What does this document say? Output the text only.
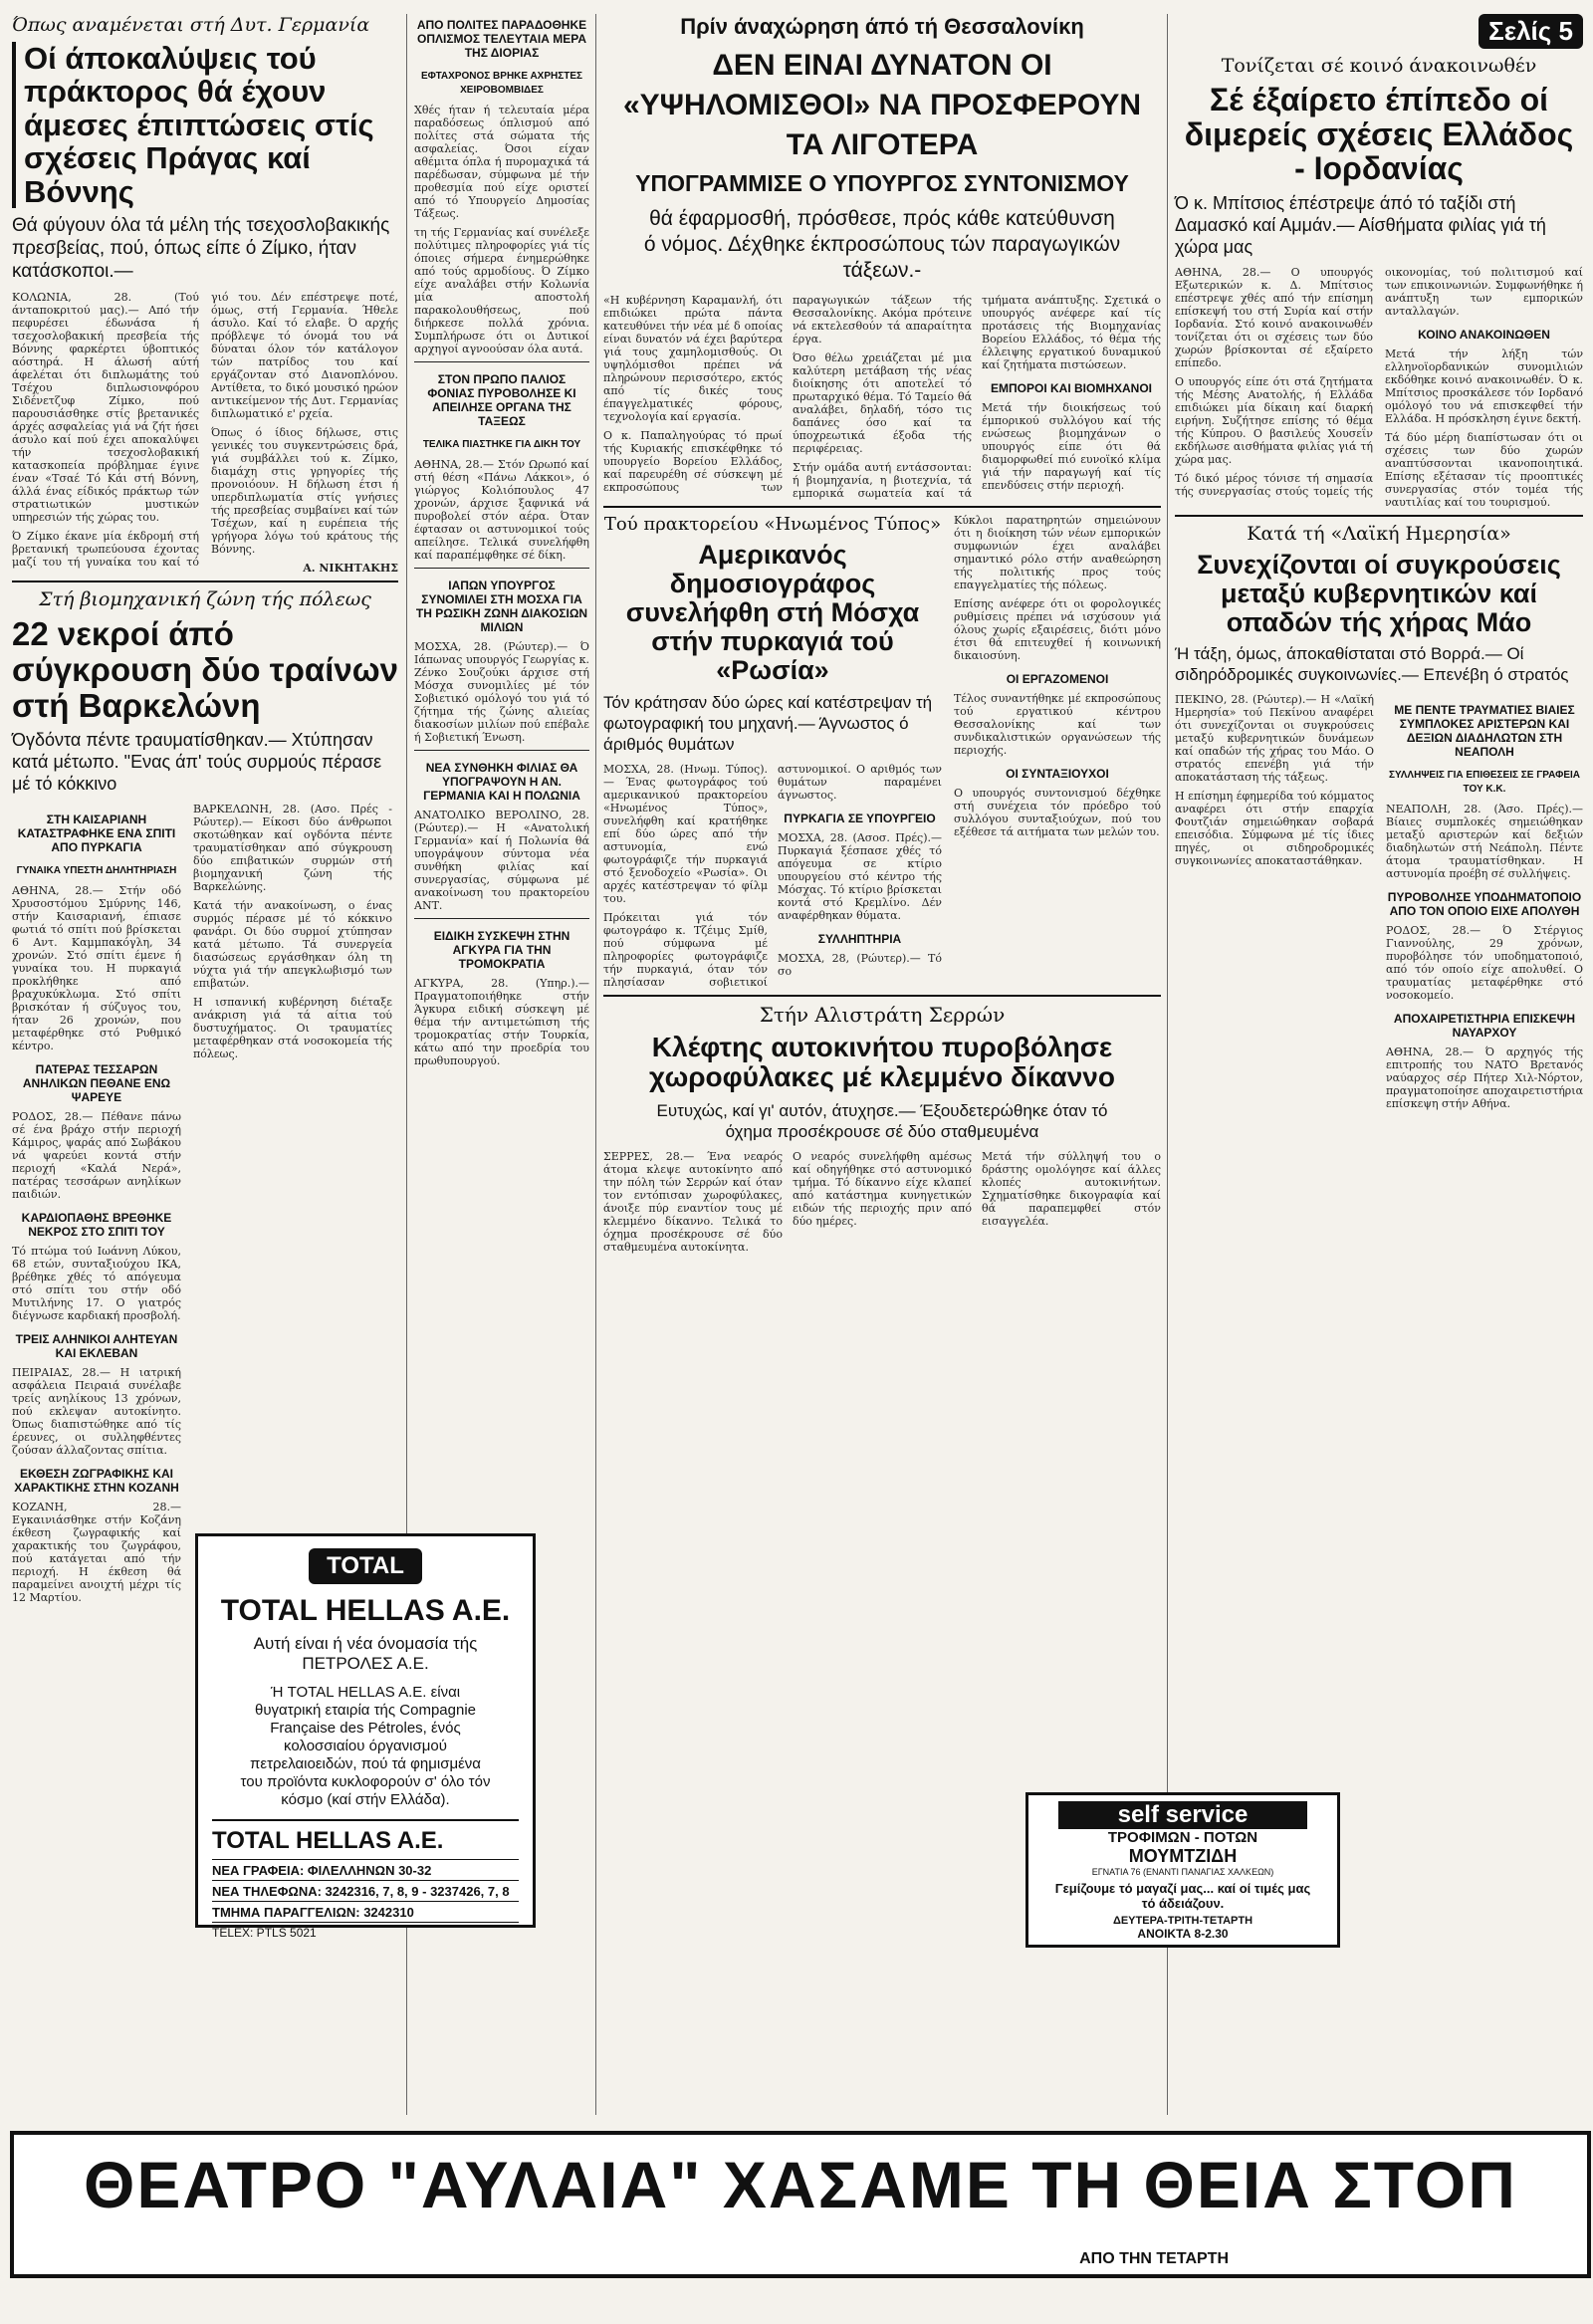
Όπως αναμένεται στή Δυτ. Γερμανία

Οί άποκαλύψεις τού πράκτορος θά έχουν άμεσες έπιπτώσεις στίς σχέσεις Πράγας καί Βόννης

Θά φύγουν όλα τά μέλη τής τσεχοσλοβακικής πρεσβείας, πού, όπως είπε ό Ζίμκο, ήταν κατάσκοποι.—

ΚΟΛΩΝΙΑ, 28. (Τού άνταποκριτού μας).— Από τήν πεφυρέσει έδωνάσα ή τσεχοσλοβακική πρεσβεία τής Βόννης φαρκέρτει ύβοπτικός αόστηρά. Η άλωσή αύτή άφελέται ότι διπλωμάτης τού Τσέχου διπλωσιονφόρου Σιδένετζυφ Ζίμκο, πού παρουσιάσθηκε στίς βρετανικές άρχές ασφαλείας γιά νά ζήτ ήσει άσυλο καί πού έχει αποκαλύψει τήν τσεχοσλοβακική κατασκοπεία πρόβλημαε έγινε έναν «Τσαέ Τό Κάι στή Βόννη, άλλά ένας είδικός πράκτωρ τών στρατιωτικών μυστικών υπηρεσιών τής χώρας του.

Ό Ζίμκο έκανε μία έκδρομή στή βρετανική τρωπεύουσα έχοντας μαζί του τή γυναίκα του καί τό γιό του. Δέν επέστρεψε ποτέ, όμως, στή Γερμανία. Ήθελε άσυλο. Καί τό ελαβε. Ό αρχής πρόβλεψε τό όνομά του νά δύναται όλον τόν κατάλογον τών πατρίδος του καί εργάζονταν στό Διανοπλόνου. Αντίθετα, το δικό μουσικό ηρώον αντικείμενον τής Δυτ. Γερμανίας διπλωματικό ε' ρχεία.

Όπως ό ίδιος δήλωσε, στις γενικές του συγκεντρώσεις δρά, γιά συμβάλλει τού κ. Ζίμκο, διαμάχη στις γρηγορίες τής προνοιόουν. Η δήλωση έτσι ή υπερδιπλωματία στίς γνήσιες τής πρεσβείας συμβαίνει καί τών Τσέχων, καί η ευρέπεια τής γρήγορα λόγω τού κράτους τής Βόννης.

Α. ΝΙΚΗΤΑΚΗΣ

Στή βιομηχανική ζώνη τής πόλεως

22 νεκροί άπό σύγκρουση δύο τραίνων στή Βαρκελώνη

Όγδόντα πέντε τραυματίσθηκαν.— Χτύπησαν κατά μέτωπο. "Ενας άπ' τούς συρμούς πέρασε μέ τό κόκκινο

ΣΤΗ ΚΑΙΣΑΡΙΑΝΗ ΚΑΤΑΣΤΡΑΦΗΚΕ ΕΝΑ ΣΠΙΤΙ ΑΠΟ ΠΥΡΚΑΓΙΑ
ΓΥΝΑΙΚΑ ΥΠΕΣΤΗ ΔΗΛΗΤΗΡΙΑΣΗ

ΑΘΗΝΑ, 28.— Στήν οδό Χρυσοστόμου Σμύρνης 146, στήν Καισαριανή, έπιασε φωτιά τό σπίτι πού βρίσκεται 6 Αντ. Καμμπακόγλη, 34 χρονών. Στό σπίτι έμενε ή γυναίκα του. Η πυρκαγιά προκλήθηκε από βραχυκύκλωμα. Στό σπίτι βρισκόταν ή σύζυγος του, ήταν 26 χρονών, που μεταφέρθηκε στό Ρυθμικό κέντρο.

ΠΑΤΕΡΑΣ ΤΕΣΣΑΡΩΝ ΑΝΗΛΙΚΩΝ ΠΕΘΑΝΕ ΕΝΩ ΨΑΡΕΥΕ

ΡΟΔΟΣ, 28.— Πέθανε πάνω σέ ένα βράχο στήν περιοχή Κάμιρος, ψαράς από Σωβάκου νά ψαρεύει κοντά στήν περιοχή «Καλά Νερά», πατέρας τεσσάρων ανηλίκων παιδιών.

ΚΑΡΔΙΟΠΑΘΗΣ ΒΡΕΘΗΚΕ ΝΕΚΡΟΣ ΣΤΟ ΣΠΙΤΙ ΤΟΥ

Τό πτώμα τού Ιωάννη Λύκου, 68 ετών, συνταξιούχου ΙΚΑ, βρέθηκε χθές τό απόγευμα στό σπίτι του στήν οδό Μυτιλήνης 17. Ο γιατρός διέγνωσε καρδιακή προσβολή.

ΤΡΕΙΣ ΑΛΗΝΙΚΟΙ ΑΛΗΤΕΥΑΝ ΚΑΙ ΕΚΛΕΒΑΝ

ΠΕΙΡΑΙΑΣ, 28.— Η ιατρική ασφάλεια Πειραιά συνέλαβε τρείς ανηλίκους 13 χρόνων, πού εκλεψαν αυτοκίνητο. Όπως διαπιστώθηκε από τίς έρευνες, οι συλληφθέντες ζούσαν άλλαζοντας σπίτια.

ΕΚΘΕΣΗ ΖΩΓΡΑΦΙΚΗΣ ΚΑΙ ΧΑΡΑΚΤΙΚΗΣ ΣΤΗΝ ΚΟΖΑΝΗ

ΚΟΖΑΝΗ, 28.— Εγκαινιάσθηκε στήν Κοζάνη έκθεση ζωγραφικής καί χαρακτικής του ζωγράφου, πού κατάγεται από τήν περιοχή. Η έκθεση θά παραμείνει ανοιχτή μέχρι τίς 12 Μαρτίου.

ΒΑΡΚΕΛΩΝΗ, 28. (Ασο. Πρές - Ρώυτερ).— Είκοσι δύο άνθρωποι σκοτώθηκαν καί ογδόντα πέντε τραυματίσθηκαν από σύγκρουση δύο επιβατικών συρμών στή βιομηχανική ζώνη τής Βαρκελώνης.

Κατά τήν ανακοίνωση, ο ένας συρμός πέρασε μέ τό κόκκινο φανάρι. Οι δύο συρμοί χτύπησαν κατά μέτωπο. Τά συνεργεία διασώσεως εργάσθηκαν όλη τη νύχτα γιά τήν απεγκλωβισμό των επιβατών.

Η ισπανική κυβέρνηση διέταξε ανάκριση γιά τά αίτια τού δυστυχήματος. Οι τραυματίες μεταφέρθηκαν στά νοσοκομεία τής πόλεως.

ΑΠΟ ΠΟΛΙΤΕΣ ΠΑΡΑΔΟΘΗΚΕ ΟΠΛΙΣΜΟΣ ΤΕΛΕΥΤΑΙΑ ΜΕΡΑ ΤΗΣ ΔΙΟΡΙΑΣ
ΕΦΤΑΧΡΟΝΟΣ ΒΡΗΚΕ ΑΧΡΗΣΤΕΣ ΧΕΙΡΟΒΟΜΒΙΔΕΣ

Χθές ήταν ή τελευταία μέρα παραδόσεως όπλισμού από πολίτες στά σώματα τής ασφαλείας. Όσοι είχαν αθέμιτα όπλα ή πυρομαχικά τά παρέδωσαν, σύμφωνα μέ τήν προθεσμία πού είχε οριστεί από τό Υπουργείο Δημοσίας Τάξεως.

τη τής Γερμανίας καί συνέλεξε πολύτιμες πληροφορίες γιά τίς όποιες σήμερα ένημερώθηκε από τούς αρμοδίους. Ό Ζίμκο είχε αναλάβει στήν Κολωνία μία αποστολή παρακολουθήσεως, πού διήρκεσε πολλά χρόνια. Συμπλήρωσε ότι οι Δυτικοί αρχηγοί αγνοούσαν όλα αυτά.

ΣΤΟΝ ΠΡΩΠΟ ΠΑΛΙΟΣ ΦΟΝΙΑΣ ΠΥΡΟΒΟΛΗΣΕ ΚΙ ΑΠΕΙΛΗΣΕ ΟΡΓΑΝΑ ΤΗΣ ΤΑΞΕΩΣ
ΤΕΛΙΚΑ ΠΙΑΣΤΗΚΕ ΓΙΑ ΔΙΚΗ ΤΟΥ

ΑΘΗΝΑ, 28.— Στόν Ωρωπό καί στή θέση «Πάνω Λάκκοι», ό γιώργος Κολιόπουλος 47 χρονών, άρχισε ξαφνικά νά πυροβολεί στόν αέρα. Όταν έφτασαν οι αστυνομικοί τούς απείλησε. Τελικά συνελήφθη καί παραπέμφθηκε σέ δίκη.

ΙΑΠΩΝ ΥΠΟΥΡΓΟΣ ΣΥΝΟΜΙΛΕΙ ΣΤΗ ΜΟΣΧΑ ΓΙΑ ΤΗ ΡΩΣΙΚΗ ΖΩΝΗ ΔΙΑΚΟΣΙΩΝ ΜΙΛΙΩΝ

ΜΟΣΧΑ, 28. (Ρώυτερ).— Ό Ιάπωνας υπουργός Γεωργίας κ. Ζένκο Σουζούκι άρχισε στή Μόσχα συνομιλίες μέ τόν Σοβιετικό ομόλογό του γιά τό ζήτημα τής ζώνης αλιείας διακοσίων μιλίων πού επέβαλε ή Σοβιετική Ένωση.

ΝΕΑ ΣΥΝΘΗΚΗ ΦΙΛΙΑΣ ΘΑ ΥΠΟΓΡΑΨΟΥΝ Η ΑΝ. ΓΕΡΜΑΝΙΑ ΚΑΙ Η ΠΟΛΩΝΙΑ

ΑΝΑΤΟΛΙΚΟ ΒΕΡΟΛΙΝΟ, 28. (Ρώυτερ).— Η «Ανατολική Γερμανία» καί ή Πολωνία θά υπογράψουν σύντομα νέα συνθήκη φιλίας καί συνεργασίας, σύμφωνα μέ ανακοίνωση του πρακτορείου ΑΝΤ.

ΕΙΔΙΚΗ ΣΥΣΚΕΨΗ ΣΤΗΝ ΑΓΚΥΡΑ ΓΙΑ ΤΗΝ ΤΡΟΜΟΚΡΑΤΙΑ

ΑΓΚΥΡΑ, 28. (Υπηρ.).— Πραγματοποιήθηκε στήν Άγκυρα ειδική σύσκεψη μέ θέμα τήν αντιμετώπιση τής τρομοκρατίας στήν Τουρκία, κάτω από την προεδρία του πρωθυπουργού.

TOTAL
TOTAL HELLAS A.E.
Αυτή είναι ή νέα όνομασία τής ΠΕΤΡΟΛΕΣ Α.Ε.
Ή TOTAL HELLAS A.E. είναι θυγατρική εταιρία τής Compagnie Française des Pétroles, ένός κολοσσιαίου όργανισμού πετρελαιοειδών, πού τά φημισμένα του προϊόντα κυκλοφορούν σ' όλο τόν κόσμο (καί στήν Ελλάδα).
TOTAL HELLAS A.E.
ΝΕΑ ΓΡΑΦΕΙΑ: ΦΙΛΕΛΛΗΝΩΝ 30-32
ΝΕΑ ΤΗΛΕΦΩΝΑ: 3242316, 7, 8, 9 - 3237426, 7, 8
ΤΜΗΜΑ ΠΑΡΑΓΓΕΛΙΩΝ: 3242310
TELEX: PTLS 5021

Πρίν άναχώρηση άπό τή Θεσσαλονίκη

ΔΕΝ ΕΙΝΑΙ ΔΥΝΑΤΟΝ ΟΙ «ΥΨΗΛΟΜΙΣΘΟΙ» ΝΑ ΠΡΟΣΦΕΡΟΥΝ ΤΑ ΛΙΓΟΤΕΡΑ
ΥΠΟΓΡΑΜΜΙΣΕ Ο ΥΠΟΥΡΓΟΣ ΣΥΝΤΟΝΙΣΜΟΥ

θά έφαρμοσθή, πρόσθεσε, πρός κάθε κατεύθυνση ό νόμος. Δέχθηκε έκπροσώπους τών παραγωγικών τάξεων.-

«Η κυβέρνηση Καραμανλή, ότι επιδιώκει πρώτα πάντα κατευθύνει τήν νέα μέ δ οποίας είναι δυνατόν νά έχει βαρύτερα γιά τους χαμηλομισθούς. Οι υψηλόμισθοι πρέπει νά πληρώνουν περισσότερο, εκτός από τίς δικές τους έπαγγελματικές φόρους, τεχνολογία καί εργασία.

Ο κ. Παπαληγούρας τό πρωί τής Κυριακής επισκέφθηκε τό υπουργείο Βορείου Ελλάδος, καί παρευρέθη σέ σύσκεψη μέ εκπροσώπους των παραγωγικών τάξεων τής Θεσσαλονίκης. Ακόμα πρότεινε νά εκτελεσθούν τά απαραίτητα έργα.

Όσο θέλω χρειάζεται μέ μια καλύτερη μετάβαση τής νέας διοίκησης ότι αποτελεί τό πρωταρχικό θέμα. Τό Ταμείο θά αναλάβει, δηλαδή, τόσο τις δαπάνες όσο καί τα ύποχρεωτικά έξοδα τής περιφέρειας.

Στήν ομάδα αυτή εντάσσονται: ή βιομηχανία, η βιοτεχνία, τά εμπορικά σωματεία καί τά τμήματα ανάπτυξης. Σχετικά ο υπουργός ανέφερε καί τίς προτάσεις τής Βιομηχανίας Βορείου Ελλάδος, τό θέμα τής έλλειψης εργατικού δυναμικού καί ζητήματα πιστώσεων.

ΕΜΠΟΡΟΙ ΚΑΙ ΒΙΟΜΗΧΑΝΟΙ

Μετά τήν διοικήσεως τού έμπορικού συλλόγου καί τής ενώσεως βιομηχάνων ο υπουργός είπε ότι θά διαμορφωθεί πιό ευνοϊκό κλίμα γιά τήν παραγωγή καί τίς επενδύσεις στήν περιοχή.

Τού πρακτορείου «Ηνωμένος Τύπος»

Αμερικανός δημοσιογράφος συνελήφθη στή Μόσχα στήν πυρκαγιά τού «Ρωσία»

Τόν κράτησαν δύο ώρες καί κατέστρεψαν τή φωτογραφική του μηχανή.— Άγνωστος ό άριθμός θυμάτων

ΜΟΣΧΑ, 28. (Ηνωμ. Τύπος).— Ένας φωτογράφος τού αμερικανικού πρακτορείου «Ηνωμένος Τύπος», συνελήφθη καί κρατήθηκε επί δύο ώρες από τήν αστυνομία, ενώ φωτογράφιζε τήν πυρκαγιά στό ξενοδοχείο «Ρωσία». Οι αρχές κατέστρεψαν τό φίλμ του.

Πρόκειται γιά τόν φωτογράφο κ. Τζέιμς Σμίθ, πού σύμφωνα μέ πληροφορίες φωτογράφιζε τήν πυρκαγιά, όταν τόν πλησίασαν σοβιετικοί αστυνομικοί. Ο αριθμός των θυμάτων παραμένει άγνωστος.

ΠΥΡΚΑΓΙΑ ΣΕ ΥΠΟΥΡΓΕΙΟ

ΜΟΣΧΑ, 28. (Ασοσ. Πρές).— Πυρκαγιά ξέσπασε χθές τό απόγευμα σε κτίριο υπουργείου στό κέντρο τής Μόσχας. Τό κτίριο βρίσκεται κοντά στό Κρεμλίνο. Δέν αναφέρθηκαν θύματα.

ΣΥΛΛΗΠΤΗΡΙΑ

ΜΟΣΧΑ, 28, (Ρώυτερ).— Τό σο

Κύκλοι παρατηρητών σημειώνουν ότι η διοίκηση τών νέων εμπορικών συμφωνιών έχει αναλάβει σημαντικό ρόλο στήν αναθεώρηση τής πολιτικής προς τούς επαγγελματίες τής πόλεως.

Επίσης ανέφερε ότι οι φορολογικές ρυθμίσεις πρέπει νά ισχύσουν γιά όλους χωρίς εξαιρέσεις, διότι μόνο έτσι θά επιτευχθεί ή κοινωνική δικαιοσύνη.

ΟΙ ΕΡΓΑΖΟΜΕΝΟΙ

Τέλος συναντήθηκε μέ εκπροσώπους τού εργατικού κέντρου Θεσσαλονίκης καί των συνδικαλιστικών οργανώσεων τής περιοχής.

ΟΙ ΣΥΝΤΑΞΙΟΥΧΟΙ

Ο υπουργός συντονισμού δέχθηκε στή συνέχεια τόν πρόεδρο τού συλλόγου συνταξιούχων, πού του εξέθεσε τά αιτήματα των μελών του.

Στήν Αλιστράτη Σερρών

Κλέφτης αυτοκινήτου πυροβόλησε χωροφύλακες μέ κλεμμένο δίκαννο

Ευτυχώς, καί γι' αυτόν, άτυχησε.— Έξουδετερώθηκε όταν τό όχημα προσέκρουσε σέ δύο σταθμευμένα

ΣΕΡΡΕΣ, 28.— Ένα νεαρός άτομα κλεψε αυτοκίνητο από την πόλη τών Σερρών καί όταν τον εντόπισαν χωροφύλακες, άνοιξε πύρ εναντίον τους μέ κλεμμένο δίκαννο. Τελικά το όχημα προσέκρουσε σέ δύο σταθμευμένα αυτοκίνητα.

Ο νεαρός συνελήφθη αμέσως καί οδηγήθηκε στό αστυνομικό τμήμα. Τό δίκαννο είχε κλαπεί από κατάστημα κυνηγετικών ειδών τής περιοχής πριν από δύο ημέρες.

Μετά τήν σύλληψή του ο δράστης ομολόγησε καί άλλες κλοπές αυτοκινήτων. Σχηματίσθηκε δικογραφία καί θά παραπεμφθεί στόν εισαγγελέα.

Σελίς 5

Τονίζεται σέ κοινό άνακοινωθέν

Σέ έξαίρετο έπίπεδο οί διμερείς σχέσεις Ελλάδος - Ιορδανίας

Ό κ. Μπίτσιος έπέστρεψε άπό τό ταξίδι στή Δαμασκό καί Αμμάν.— Αίσθήματα φιλίας γιά τή χώρα μας

ΑΘΗΝΑ, 28.— Ο υπουργός Εξωτερικών κ. Δ. Μπίτσιος επέστρεψε χθές από τήν επίσημη επίσκεψή του στή Συρία καί στήν Ιορδανία. Στό κοινό ανακοινωθέν τονίζεται ότι οι σχέσεις των δύο χωρών βρίσκονται σέ εξαίρετο επίπεδο.

Ο υπουργός είπε ότι στά ζητήματα τής Μέσης Ανατολής, ή Ελλάδα επιδιώκει μία δίκαιη καί διαρκή ειρήνη. Συζήτησε επίσης τό θέμα τής Κύπρου. Ο βασιλεύς Χουσεΐν εκδήλωσε αισθήματα φιλίας γιά τή χώρα μας.

Τό δικό μέρος τόνισε τή σημασία τής συνεργασίας στούς τομείς τής οικονομίας, τού πολιτισμού καί των επικοινωνιών. Συμφωνήθηκε ή ανάπτυξη των εμπορικών ανταλλαγών.

ΚΟΙΝΟ ΑΝΑΚΟΙΝΩΘΕΝ

Μετά τήν λήξη τών ελληνοϊορδανικών συνομιλιών εκδόθηκε κοινό ανακοινωθέν. Ό κ. Μπίτσιος προσκάλεσε τόν Ιορδανό ομόλογό του νά επισκεφθεί τήν Ελλάδα. Η πρόσκληση έγινε δεκτή.

Τά δύο μέρη διαπίστωσαν ότι οι σχέσεις των δύο χωρών αναπτύσσονται ικανοποιητικά. Επίσης εξέτασαν τίς προοπτικές συνεργασίας στόν τομέα τής ναυτιλίας καί του τουρισμού.

Κατά τή «Λαϊκή Ημερησία»

Συνεχίζονται οί συγκρούσεις μεταξύ κυβερνητικών καί οπαδών τής χήρας Μάο

Ή τάξη, όμως, άποκαθίσταται στό Βορρά.— Οί σιδηρόδρομικές συγκοινωνίες.— Επενέβη ό στρατός

ΠΕΚΙΝΟ, 28. (Ρώυτερ).— Η «Λαϊκή Ημερησία» τού Πεκίνου αναφέρει ότι συνεχίζονται οι συγκρούσεις μεταξύ κυβερνητικών δυνάμεων καί οπαδών τής χήρας του Μάο. Ο στρατός επενέβη γιά τήν αποκατάσταση τής τάξεως.

Η επίσημη έφημερίδα τού κόμματος αναφέρει ότι στήν επαρχία Φουτζιάν σημειώθηκαν σοβαρά επεισόδια. Σύμφωνα μέ τίς ίδιες πηγές, οι σιδηροδρομικές συγκοινωνίες αποκαταστάθηκαν.

ΜΕ ΠΕΝΤΕ ΤΡΑΥΜΑΤΙΕΣ ΒΙΑΙΕΣ ΣΥΜΠΛΟΚΕΣ ΑΡΙΣΤΕΡΩΝ ΚΑΙ ΔΕΞΙΩΝ ΔΙΑΔΗΛΩΤΩΝ ΣΤΗ ΝΕΑΠΟΛΗ
ΣΥΛΛΗΨΕΙΣ ΓΙΑ ΕΠΙΘΕΣΕΙΣ ΣΕ ΓΡΑΦΕΙΑ ΤΟΥ Κ.Κ.

ΝΕΑΠΟΛΗ, 28. (Άσο. Πρές).— Βίαιες συμπλοκές σημειώθηκαν μεταξύ αριστερών καί δεξιών διαδηλωτών στή Νεάπολη. Πέντε άτομα τραυματίσθηκαν. Η αστυνομία προέβη σέ συλλήψεις.

ΠΥΡΟΒΟΛΗΣΕ ΥΠΟΔΗΜΑΤΟΠΟΙΟ ΑΠΟ ΤΟΝ ΟΠΟΙΟ ΕΙΧΕ ΑΠΟΛΥΘΗ

ΡΟΔΟΣ, 28.— Ό Στέργιος Γιαννούλης, 29 χρόνων, πυροβόλησε τόν υποδηματοποιό, από τόν οποίο είχε απολυθεί. Ο τραυματίας μεταφέρθηκε στό νοσοκομείο.

ΑΠΟΧΑΙΡΕΤΙΣΤΗΡΙΑ ΕΠΙΣΚΕΨΗ ΝΑΥΑΡΧΟΥ

ΑΘΗΝΑ, 28.— Ό αρχηγός τής επιτροπής του ΝΑΤΟ Βρετανός ναύαρχος σέρ Πήτερ Χιλ-Νόρτον, πραγματοποίησε αποχαιρετιστήρια επίσκεψη στήν Αθήνα.

self service
ΤΡΟΦΙΜΩΝ - ΠΟΤΩΝ
ΜΟΥΜΤΖΙΔΗ
ΕΓΝΑΤΙΑ 76 (ΕΝΑΝΤΙ ΠΑΝΑΓΙΑΣ ΧΑΛΚΕΩΝ)
Γεμίζουμε τό μαγαζί μας... καί οί τιμές μας τό άδειάζουν.
ΔΕΥΤΕΡΑ-ΤΡΙΤΗ-ΤΕΤΑΡΤΗ
ΑΝΟΙΚΤΑ 8-2.30
ΘΕΑΤΡΟ "ΑΥΛΑΙΑ" ΧΑΣΑΜΕ ΤΗ ΘΕΙΑ ΣΤΟΠ
ΑΠΟ ΤΗΝ ΤΕΤΑΡΤΗ
